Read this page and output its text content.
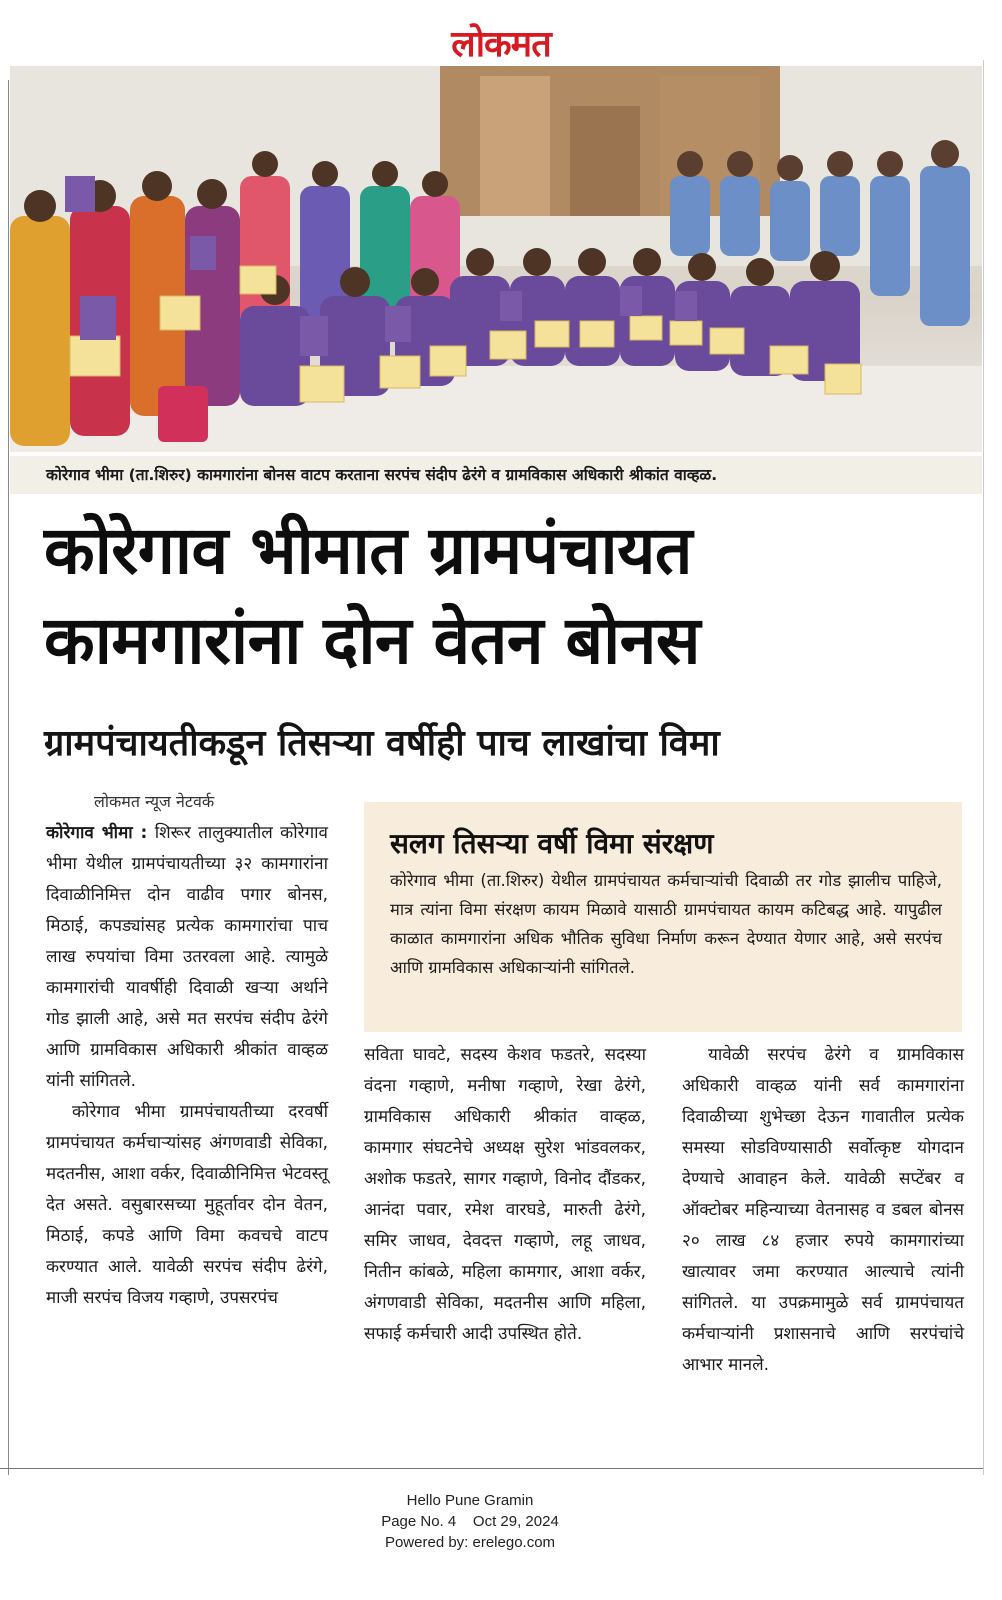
लोकमत
कोरेगाव भीमा (ता.शिरुर) कामगारांना बोनस वाटप करताना सरपंच संदीप ढेरंगे व ग्रामविकास अधिकारी श्रीकांत वाव्हळ.
कोरेगाव भीमात ग्रामपंचायत
कामगारांना दोन वेतन बोनस
ग्रामपंचायतीकडून तिसऱ्या वर्षीही पाच लाखांचा विमा
लोकमत न्यूज नेटवर्क

कोरेगाव भीमा : शिरूर तालुक्यातील कोरेगाव भीमा येथील ग्रामपंचायतीच्या ३२ कामगारांना दिवाळीनिमित्त दोन वाढीव पगार बोनस, मिठाई, कपड्यांसह प्रत्येक कामगारांचा पाच लाख रुपयांचा विमा उतरवला आहे. त्यामुळे कामगारांची यावर्षीही दिवाळी खऱ्या अर्थाने गोड झाली आहे, असे मत सरपंच संदीप ढेरंगे आणि ग्रामविकास अधिकारी श्रीकांत वाव्हळ यांनी सांगितले.

कोरेगाव भीमा ग्रामपंचायतीच्या दरवर्षी ग्रामपंचायत कर्मचाऱ्यांसह अंगणवाडी सेविका, मदतनीस, आशा वर्कर, दिवाळीनिमित्त भेटवस्तू देत असते. वसुबारसच्या मुहूर्तावर दोन वेतन, मिठाई, कपडे आणि विमा कवचचे वाटप करण्यात आले. यावेळी सरपंच संदीप ढेरंगे, माजी सरपंच विजय गव्हाणे, उपसरपंच

सलग तिसऱ्या वर्षी विमा संरक्षण
कोरेगाव भीमा (ता.शिरुर) येथील ग्रामपंचायत कर्मचाऱ्यांची दिवाळी तर गोड झालीच पाहिजे, मात्र त्यांना विमा संरक्षण कायम मिळावे यासाठी ग्रामपंचायत कायम कटिबद्ध आहे. यापुढील काळात कामगारांना अधिक भौतिक सुविधा निर्माण करून देण्यात येणार आहे, असे सरपंच आणि ग्रामविकास अधिकाऱ्यांनी सांगितले.

सविता घावटे, सदस्य केशव फडतरे, सदस्या वंदना गव्हाणे, मनीषा गव्हाणे, रेखा ढेरंगे, ग्रामविकास अधिकारी श्रीकांत वाव्हळ, कामगार संघटनेचे अध्यक्ष सुरेश भांडवलकर, अशोक फडतरे, सागर गव्हाणे, विनोद दौंडकर, आनंदा पवार, रमेश वारघडे, मारुती ढेरंगे, समिर जाधव, देवदत्त गव्हाणे, लहू जाधव, नितीन कांबळे, महिला कामगार, आशा वर्कर, अंगणवाडी सेविका, मदतनीस आणि महिला, सफाई कर्मचारी आदी उपस्थित होते.

यावेळी सरपंच ढेरंगे व ग्रामविकास अधिकारी वाव्हळ यांनी सर्व कामगारांना दिवाळीच्या शुभेच्छा देऊन गावातील प्रत्येक समस्या सोडविण्यासाठी सर्वोत्कृष्ट योगदान देण्याचे आवाहन केले. यावेळी सप्टेंबर व ऑक्टोबर महिन्याच्या वेतनासह व डबल बोनस २० लाख ८४ हजार रुपये कामगारांच्या खात्यावर जमा करण्यात आल्याचे त्यांनी सांगितले. या उपक्रमामुळे सर्व ग्रामपंचायत कर्मचाऱ्यांनी प्रशासनाचे आणि सरपंचांचे आभार मानले.

Hello Pune Gramin
Page No. 4    Oct 29, 2024
Powered by: erelego.com
